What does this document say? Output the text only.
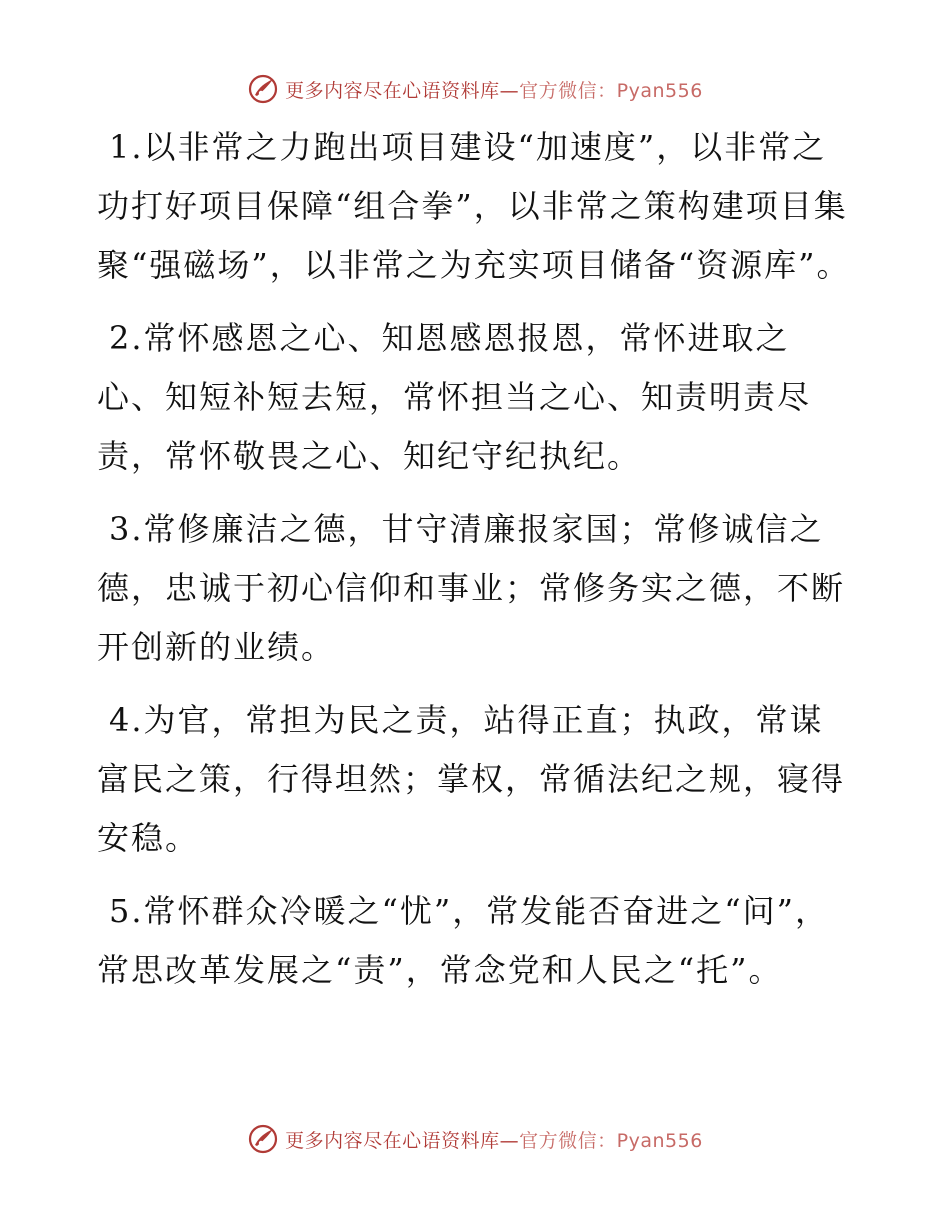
更多内容尽在心语资料库—官方微信：Pyan556

1.以非常之力跑出项目建设“加速度”，以非常之功打好项目保障“组合拳”，以非常之策构建项目集聚“强磁场”，以非常之为充实项目储备“资源库”。

2.常怀感恩之心、知恩感恩报恩，常怀进取之心、知短补短去短，常怀担当之心、知责明责尽责，常怀敬畏之心、知纪守纪执纪。

3.常修廉洁之德，甘守清廉报家国；常修诚信之德，忠诚于初心信仰和事业；常修务实之德，不断开创新的业绩。

4.为官，常担为民之责，站得正直；执政，常谋富民之策，行得坦然；掌权，常循法纪之规，寝得安稳。

5.常怀群众冷暖之“忧”，常发能否奋进之“问”，常思改革发展之“责”，常念党和人民之“托”。

更多内容尽在心语资料库—官方微信：Pyan556
